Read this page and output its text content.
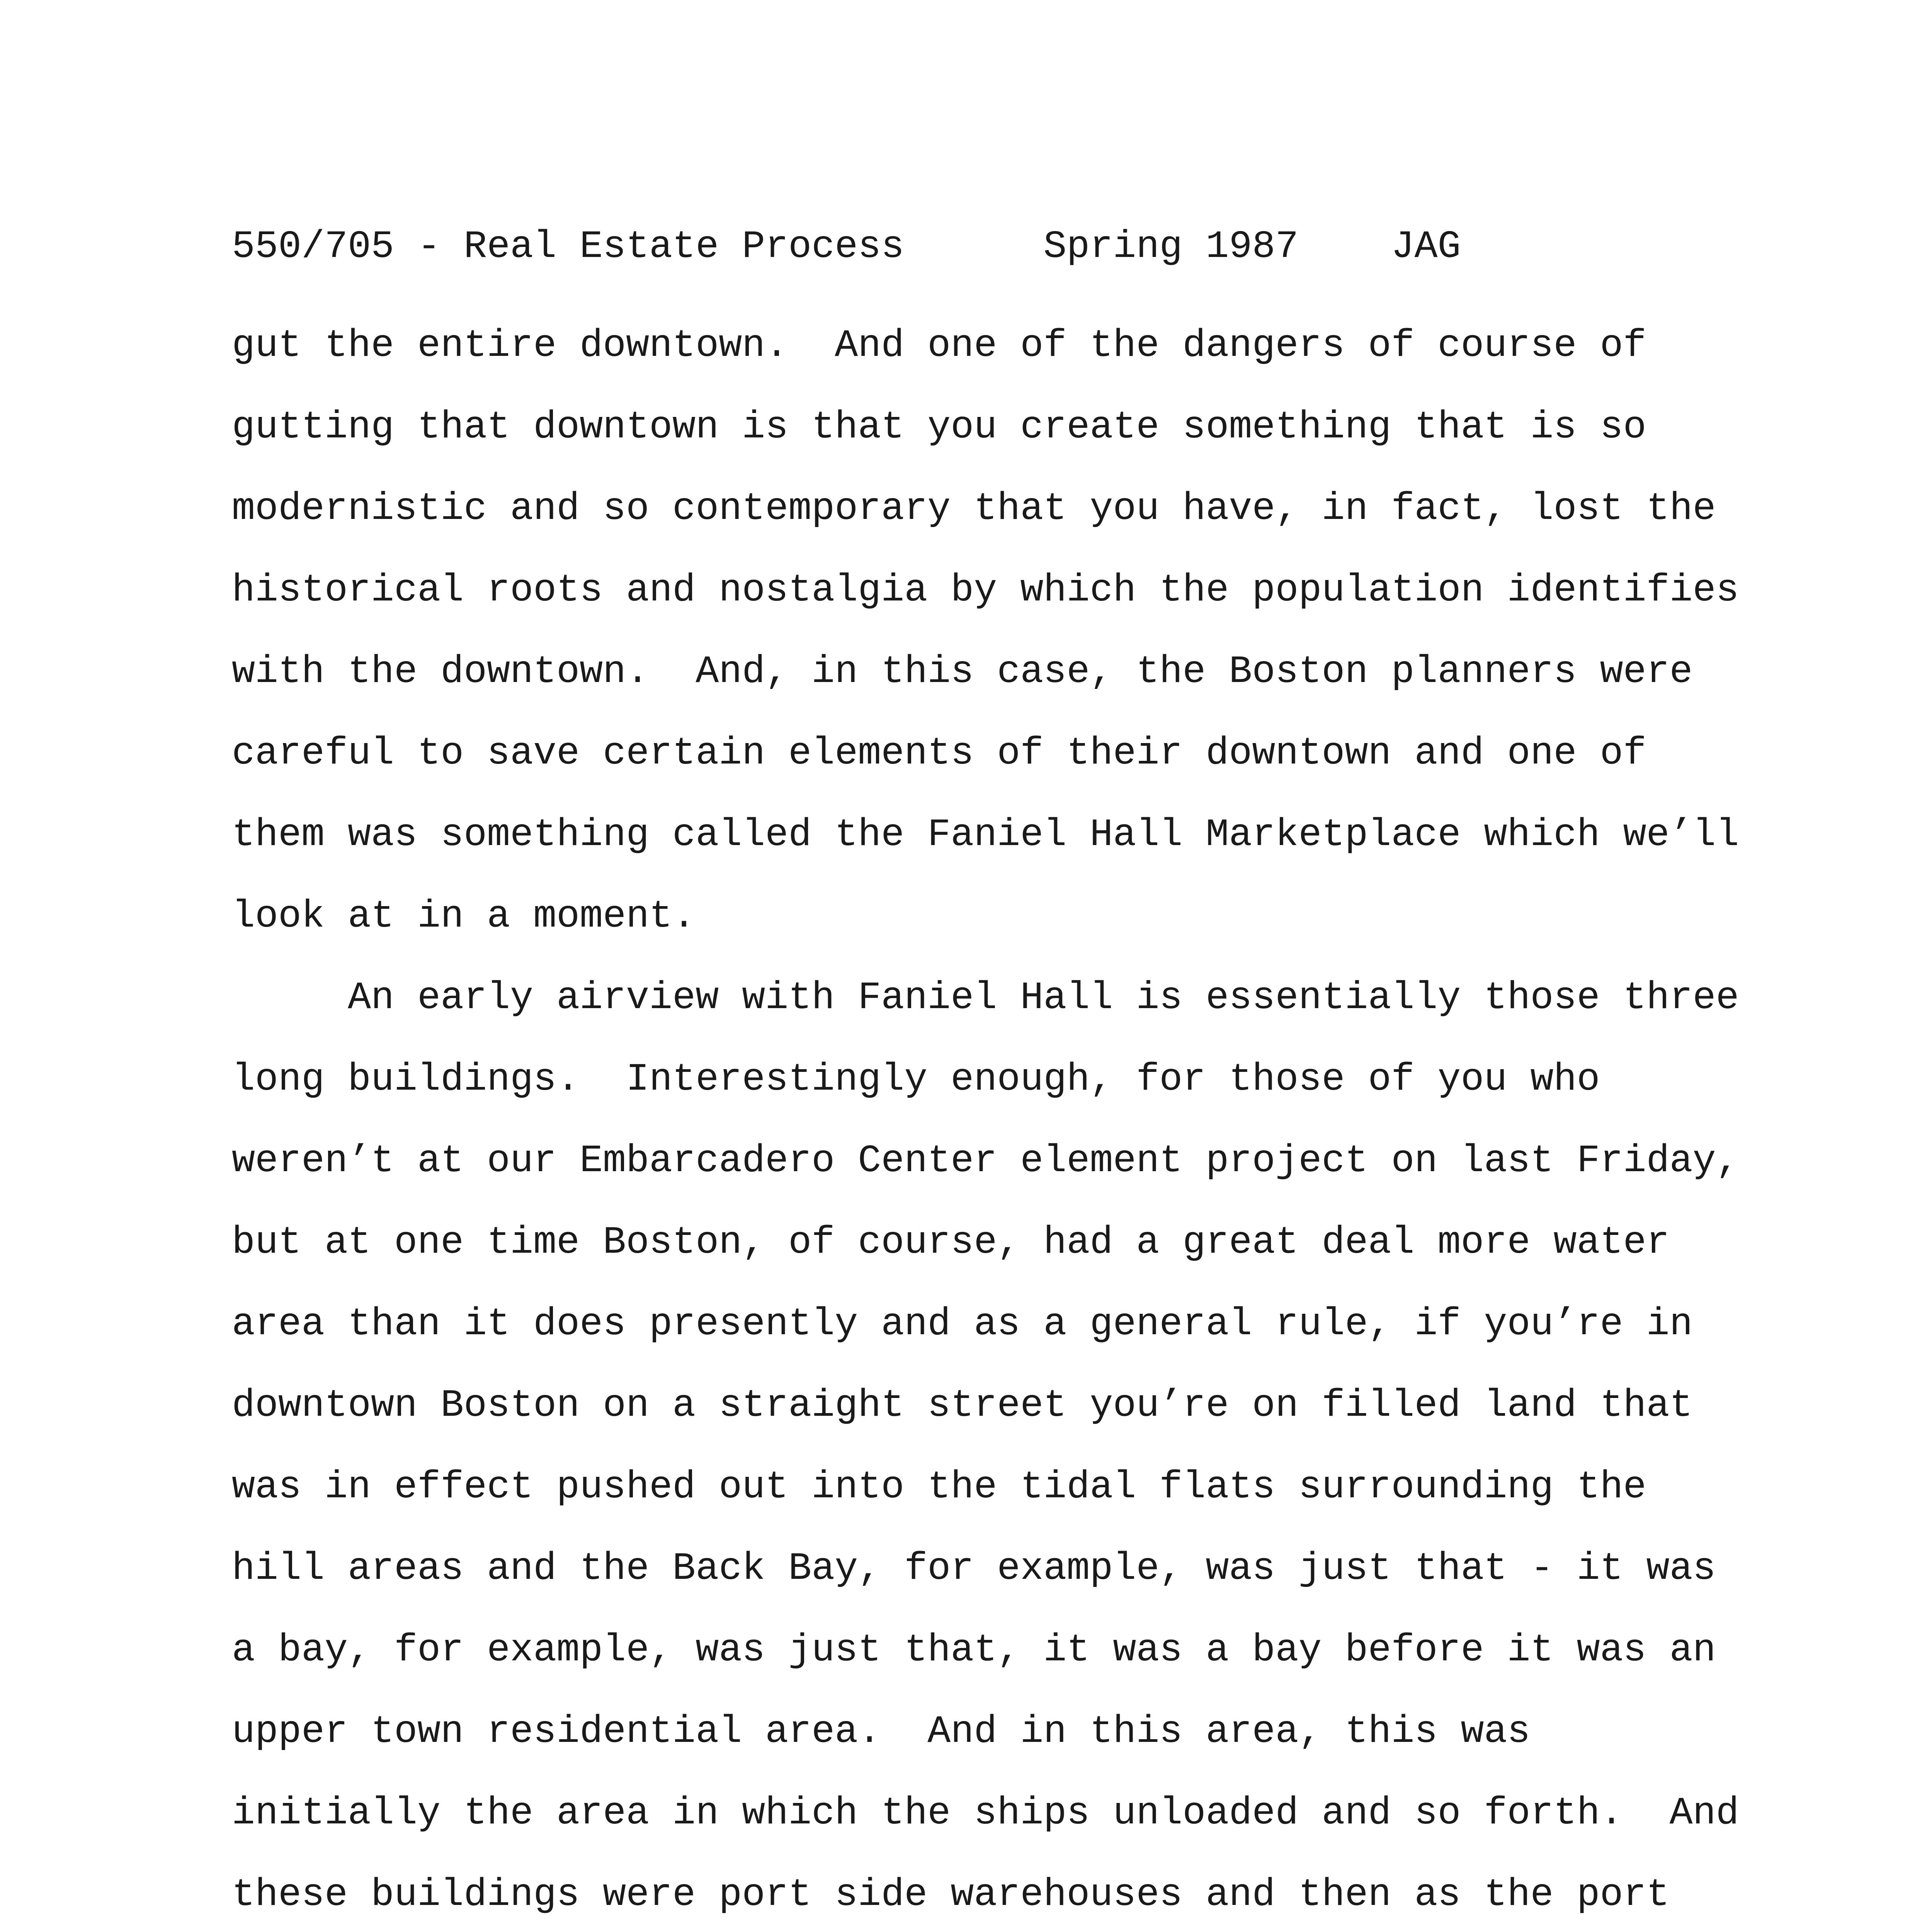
550/705 - Real Estate Process	Spring 1987 JAG
gut the entire downtown.  And one of the dangers of course of
gutting that downtown is that you create something that is so
modernistic and so contemporary that you have, in fact, lost the
historical roots and nostalgia by which the population identifies
with the downtown.  And, in this case, the Boston planners were
careful to save certain elements of their downtown and one of
them was something called the Faniel Hall Marketplace which we’ll
look at in a moment.
An early airview with Faniel Hall is essentially those three
long buildings.  Interestingly enough, for those of you who
weren’t at our Embarcadero Center element project on last Friday,
but at one time Boston, of course, had a great deal more water
area than it does presently and as a general rule, if you’re in
downtown Boston on a straight street you’re on filled land that
was in effect pushed out into the tidal flats surrounding the
hill areas and the Back Bay, for example, was just that - it was
a bay, for example, was just that, it was a bay before it was an
upper town residential area.  And in this area, this was
initially the area in which the ships unloaded and so forth.  And
these buildings were port side warehouses and then as the port
